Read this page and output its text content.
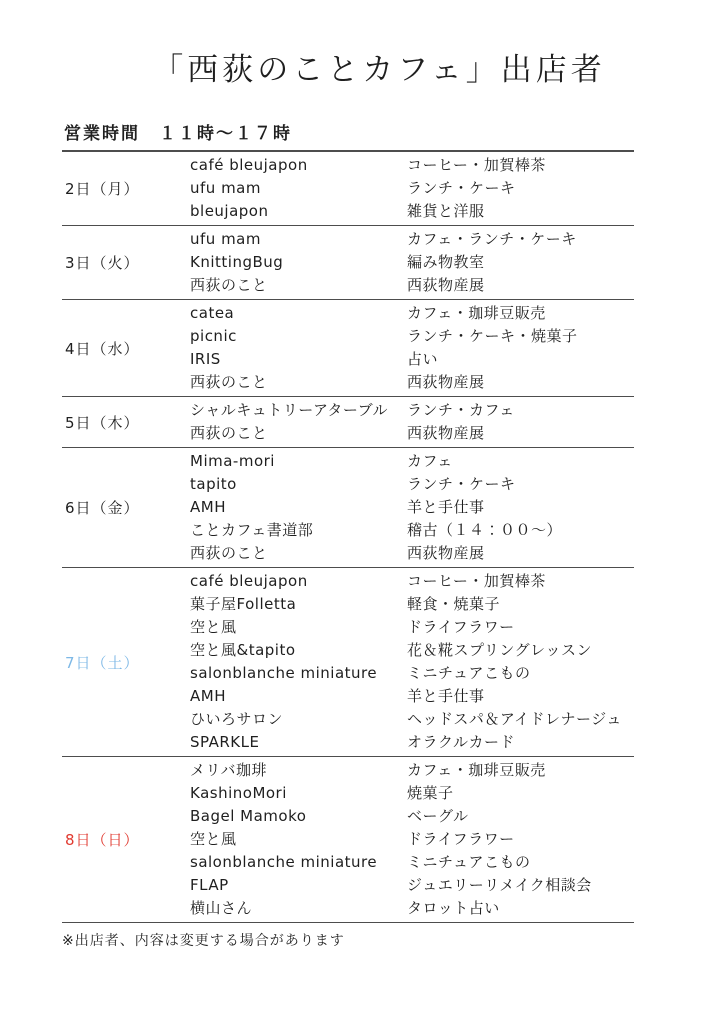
「西荻のことカフェ」出店者
営業時間　１１時～１７時
2日（月）
café bleujapon	コーヒー・加賀棒茶
ufu mam	ランチ・ケーキ
bleujapon	雑貨と洋服
3日（火）
ufu mam	カフェ・ランチ・ケーキ
KnittingBug	編み物教室
西荻のこと	西荻物産展
4日（水）
catea	カフェ・珈琲豆販売
picnic	ランチ・ケーキ・焼菓子
IRIS	占い
西荻のこと	西荻物産展
5日（木）
シャルキュトリーアターブル	ランチ・カフェ
西荻のこと	西荻物産展
6日（金）
Mima-mori	カフェ
tapito	ランチ・ケーキ
AMH	羊と手仕事
ことカフェ書道部	稽古（１４：００～）
西荻のこと	西荻物産展
7日（土）
café bleujapon	コーヒー・加賀棒茶
菓子屋Folletta	軽食・焼菓子
空と風	ドライフラワー
空と風&tapito	花＆糀スプリングレッスン
salonblanche miniature	ミニチュアこもの
AMH	羊と手仕事
ひいろサロン	ヘッドスパ＆アイドレナージュ
SPARKLE	オラクルカード
8日（日）
メリバ珈琲	カフェ・珈琲豆販売
KashinoMori	焼菓子
Bagel Mamoko	ベーグル
空と風	ドライフラワー
salonblanche miniature	ミニチュアこもの
FLAP	ジュエリーリメイク相談会
横山さん	タロット占い
※出店者、内容は変更する場合があります
